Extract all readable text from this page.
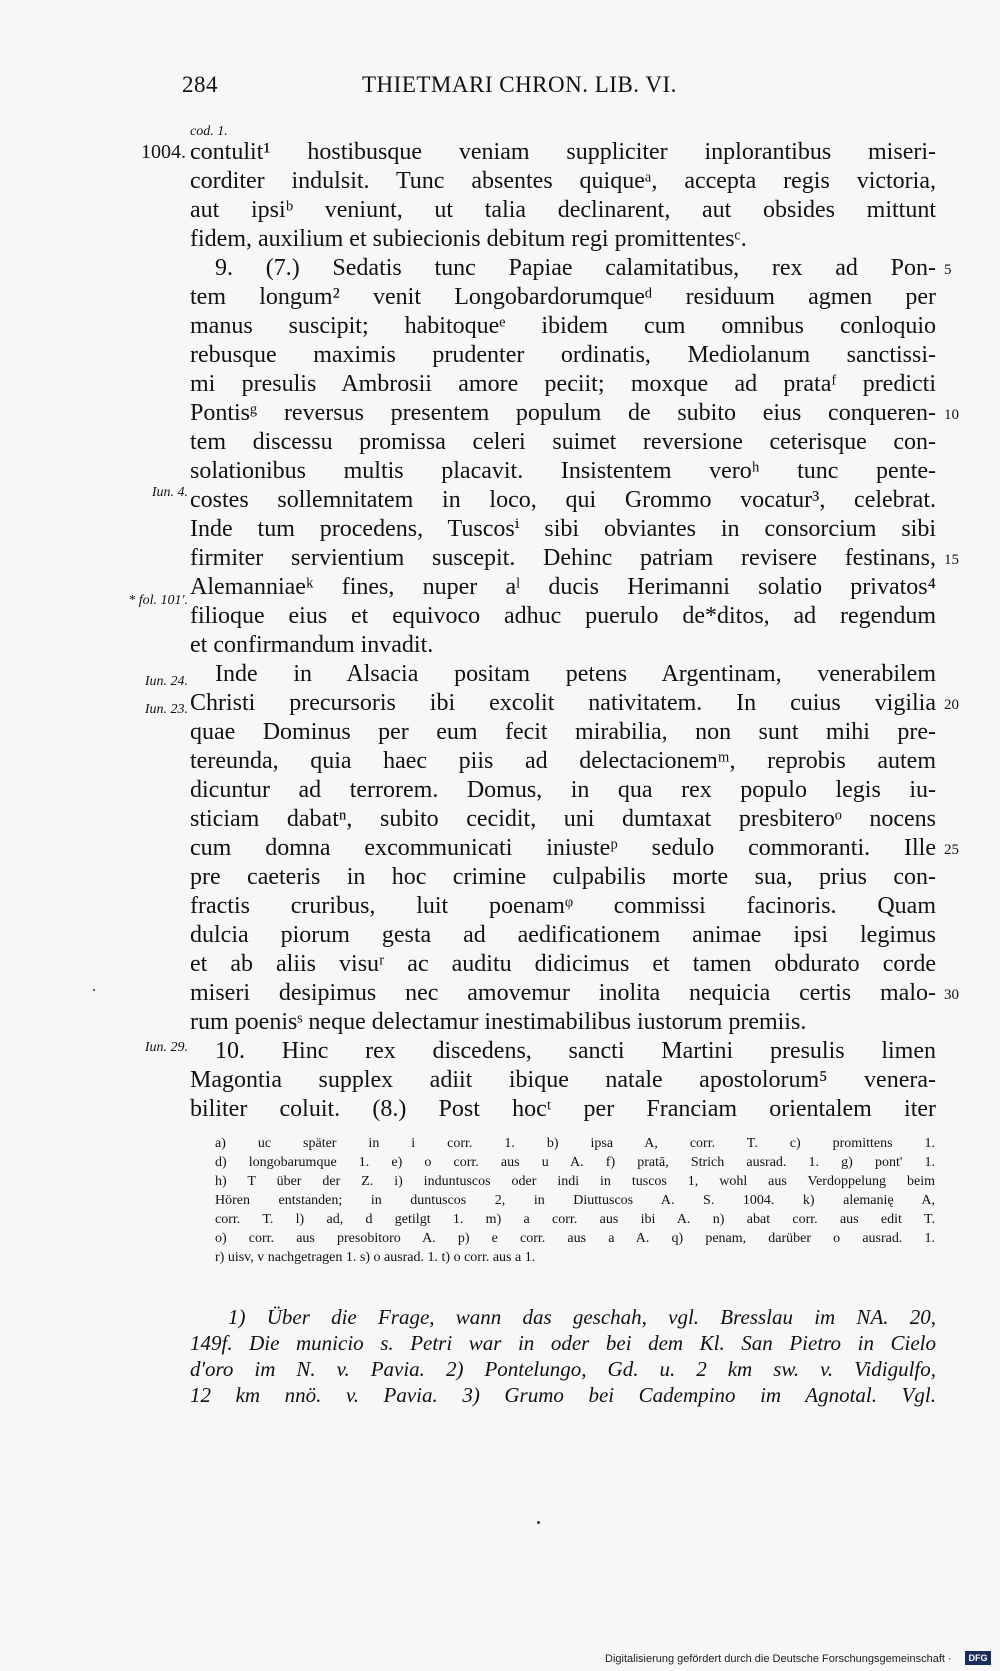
284	THIETMARI CHRON. LIB. VI.
cod. 1.
1004.
Iun. 4.
* fol. 101'.
Iun. 24.
Iun. 23.
Iun. 29.
5
10
15
20
25
30
contulit¹ hostibusque veniam suppliciter inplorantibus miseri-
corditer indulsit. Tunc absentes quiqueᵃ, accepta regis victoria,
aut ipsiᵇ veniunt, ut talia declinarent, aut obsides mittunt
fidem, auxilium et subiecionis debitum regi promittentesᶜ.
9. (7.) Sedatis tunc Papiae calamitatibus, rex ad Pon-
tem longum² venit Longobardorumqueᵈ residuum agmen per
manus suscipit; habitoqueᵉ ibidem cum omnibus conloquio
rebusque maximis prudenter ordinatis, Mediolanum sanctissi-
mi presulis Ambrosii amore peciit; moxque ad prataᶠ predicti
Pontisᵍ reversus presentem populum de subito eius conqueren-
tem discessu promissa celeri suimet reversione ceterisque con-
solationibus multis placavit. Insistentem veroʰ tunc pente-
costes sollemnitatem in loco, qui Grommo vocatur³, celebrat.
Inde tum procedens, Tuscosⁱ sibi obviantes in consorcium sibi
firmiter servientium suscepit. Dehinc patriam revisere festinans,
Alemanniaeᵏ fines, nuper aˡ ducis Herimanni solatio privatos⁴
filioque eius et equivoco adhuc puerulo de*ditos, ad regendum
et confirmandum invadit.
Inde in Alsacia positam petens Argentinam, venerabilem
Christi precursoris ibi excolit nativitatem. In cuius vigilia
quae Dominus per eum fecit mirabilia, non sunt mihi pre-
tereunda, quia haec piis ad delectacionemᵐ, reprobis autem
dicuntur ad terrorem. Domus, in qua rex populo legis iu-
sticiam dabatⁿ, subito cecidit, uni dumtaxat presbiteroᵒ nocens
cum domna excommunicati iniusteᵖ sedulo commoranti. Ille
pre caeteris in hoc crimine culpabilis morte sua, prius con-
fractis cruribus, luit poenamᵠ commissi facinoris. Quam
dulcia piorum gesta ad aedificationem animae ipsi legimus
et ab aliis visuʳ ac auditu didicimus et tamen obdurato corde
miseri desipimus nec amovemur inolita nequicia certis malo-
rum poenisˢ neque delectamur inestimabilibus iustorum premiis.
10. Hinc rex discedens, sancti Martini presulis limen
Magontia supplex adiit ibique natale apostolorum⁵ venera-
biliter coluit. (8.) Post hocᵗ per Franciam orientalem iter
a) uc später in i corr. 1. b) ipsa A, corr. T. c) promittens 1.
d) longobarumque 1. e) o corr. aus u A. f) pratā, Strich ausrad. 1. g) pont' 1.
h) T über der Z. i) induntuscos oder indi in tuscos 1, wohl aus Verdoppelung beim
Hören entstanden; in duntuscos 2, in Diuttuscos A. S. 1004. k) alemanię A,
corr. T. l) ad, d getilgt 1. m) a corr. aus ibi A. n) abat corr. aus edit T.
o) corr. aus presobitoro A. p) e corr. aus a A. q) penam, darüber o ausrad. 1.
r) uisv, v nachgetragen 1. s) o ausrad. 1. t) o corr. aus a 1.
1) Über die Frage, wann das geschah, vgl. Bresslau im NA. 20,
149f. Die municio s. Petri war in oder bei dem Kl. San Pietro in Cielo
d'oro im N. v. Pavia. 2) Pontelungo, Gd. u. 2 km sw. v. Vidigulfo,
12 km nnö. v. Pavia. 3) Grumo bei Cadempino im Agnotal. Vgl.
Digitalisierung gefördert durch die Deutsche Forschungsgemeinschaft ·	DFG
